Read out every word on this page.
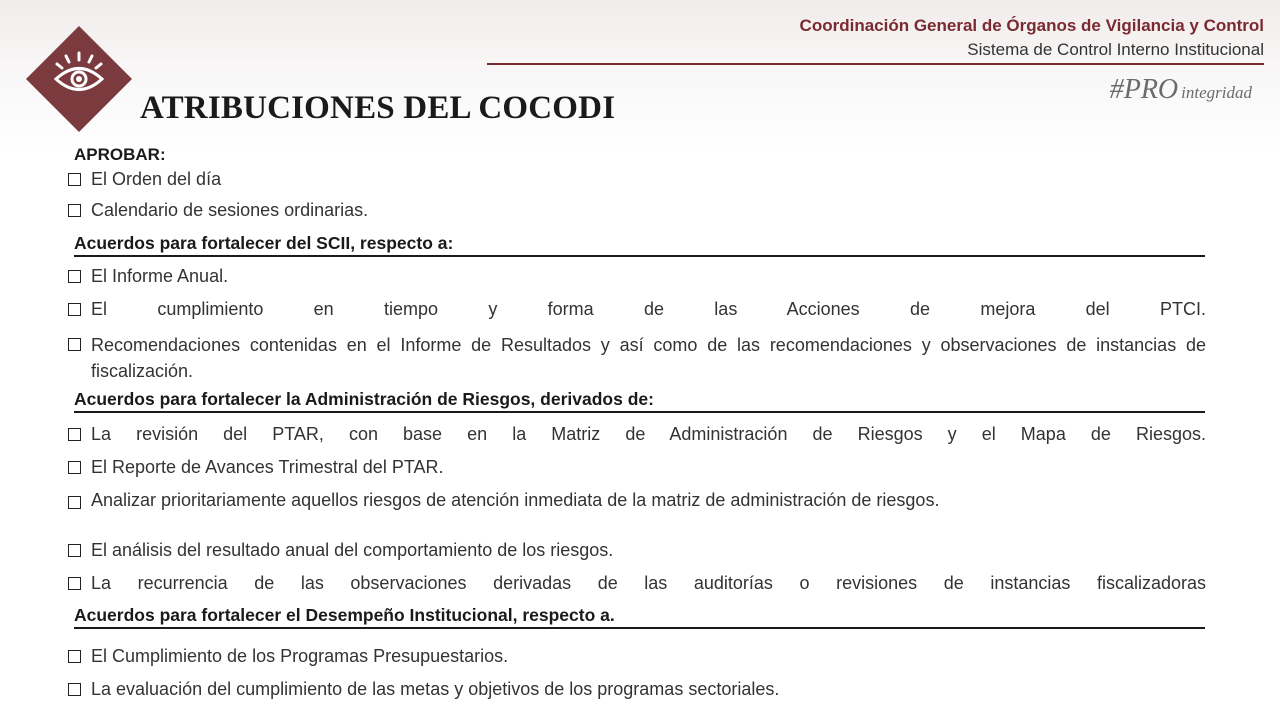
Coordinación General de Órganos de Vigilancia y Control
Sistema de Control Interno Institucional
#PRO integridad
ATRIBUCIONES DEL COCODI
APROBAR:
El Orden del día
Calendario de sesiones ordinarias.
Acuerdos para fortalecer del SCII, respecto a:
El Informe Anual.
El cumplimiento en tiempo y forma de las Acciones de mejora del PTCI.
Recomendaciones contenidas en el Informe de Resultados y así como de las recomendaciones y observaciones de instancias de fiscalización.
Acuerdos para fortalecer la Administración de Riesgos, derivados de:
La revisión del PTAR, con base en la Matriz de Administración de Riesgos y el Mapa de Riesgos.
El Reporte de Avances Trimestral del PTAR.
Analizar prioritariamente aquellos riesgos de atención inmediata de la matriz de administración de riesgos.
El análisis del resultado anual del comportamiento de los riesgos.
La recurrencia de las observaciones derivadas de las auditorías o revisiones de instancias fiscalizadoras
Acuerdos para fortalecer el Desempeño Institucional, respecto a.
El Cumplimiento de los Programas Presupuestarios.
La evaluación del cumplimiento de las metas y objetivos de los programas sectoriales.
